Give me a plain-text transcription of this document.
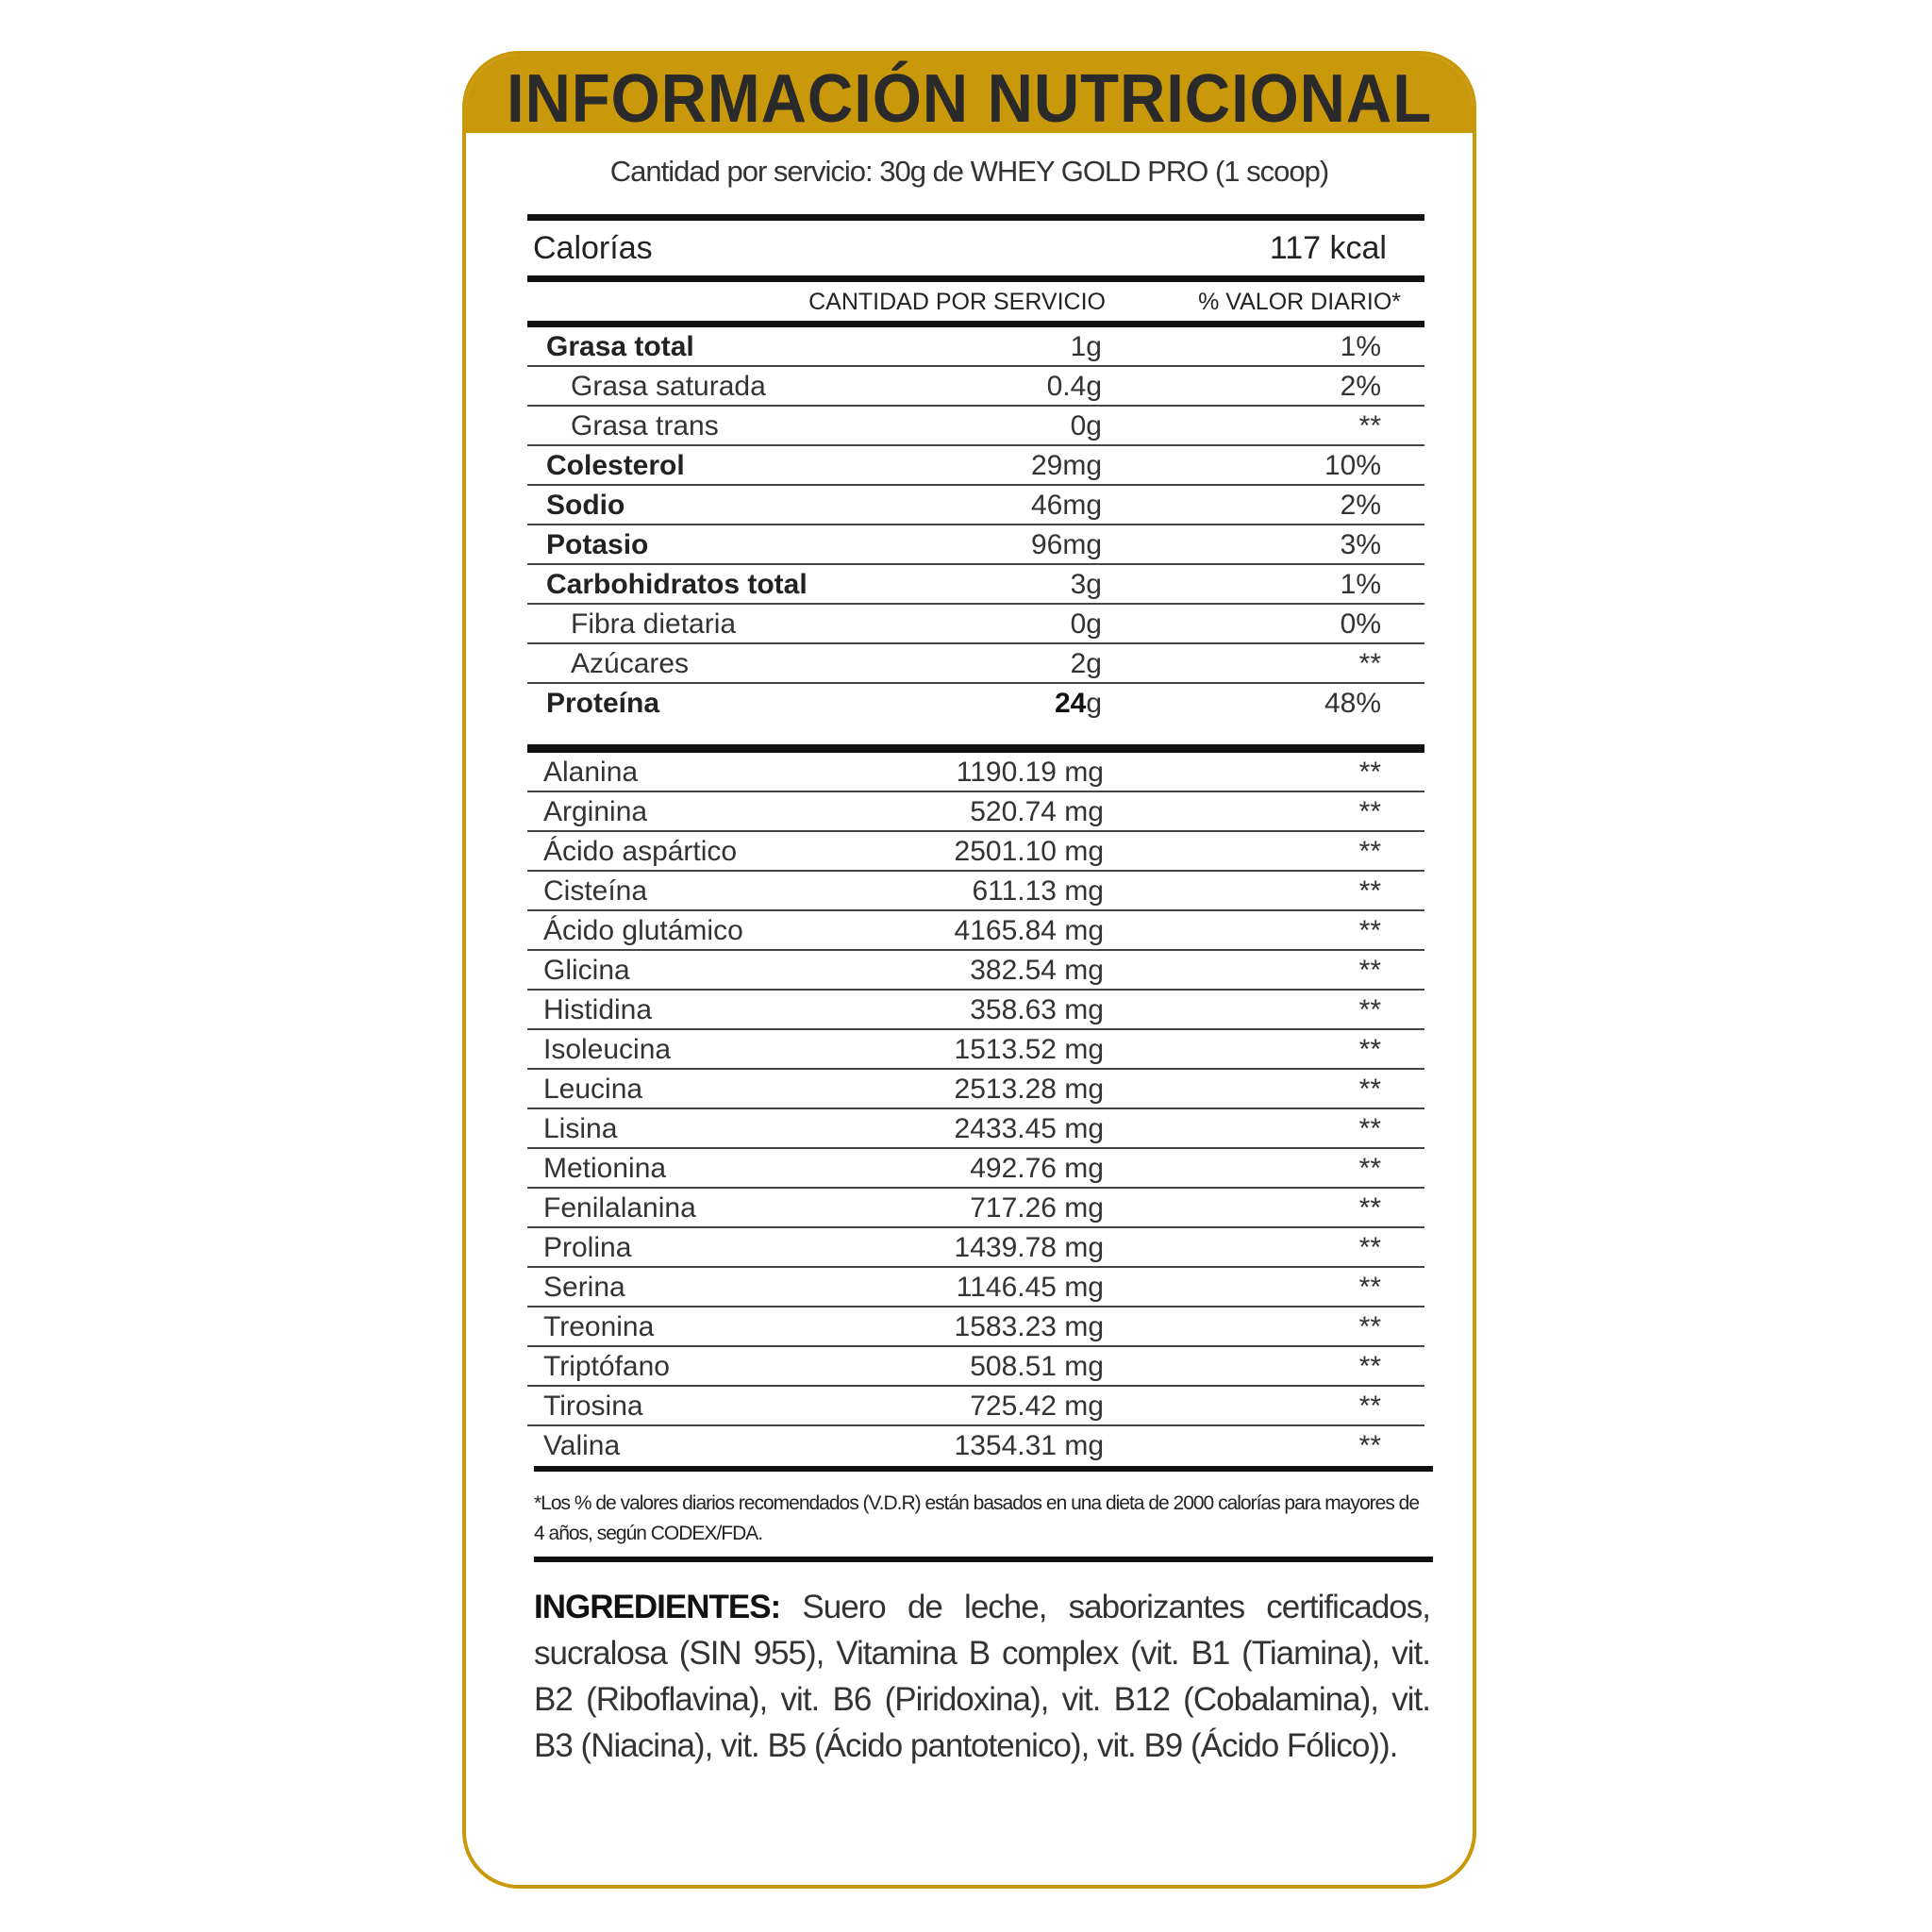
INFORMACIÓN NUTRICIONAL
Cantidad por servicio: 30g de WHEY GOLD PRO (1 scoop)
Calorías	117 kcal
CANTIDAD POR SERVICIO	% VALOR DIARIO*
Grasa total	1g	1%
Grasa saturada	0.4g	2%
Grasa trans	0g	**
Colesterol	29mg	10%
Sodio	46mg	2%
Potasio	96mg	3%
Carbohidratos total	3g	1%
Fibra dietaria	0g	0%
Azúcares	2g	**
Proteína	24g	48%
Alanina	1190.19 mg	**
Arginina	520.74 mg	**
Ácido aspártico	2501.10 mg	**
Cisteína	611.13 mg	**
Ácido glutámico	4165.84 mg	**
Glicina	382.54 mg	**
Histidina	358.63 mg	**
Isoleucina	1513.52 mg	**
Leucina	2513.28 mg	**
Lisina	2433.45 mg	**
Metionina	492.76 mg	**
Fenilalanina	717.26 mg	**
Prolina	1439.78 mg	**
Serina	1146.45 mg	**
Treonina	1583.23 mg	**
Triptófano	508.51 mg	**
Tirosina	725.42 mg	**
Valina	1354.31 mg	**
*Los % de valores diarios recomendados (V.D.R) están basados en una dieta de 2000 calorías para mayores de 4 años, según CODEX/FDA.
INGREDIENTES: Suero de leche, saborizantes certificados, sucralosa (SIN 955), Vitamina B complex (vit. B1 (Tiamina), vit. B2 (Riboflavina), vit. B6 (Piridoxina), vit. B12 (Cobalamina), vit. B3 (Niacina), vit. B5 (Ácido pantotenico), vit. B9 (Ácido Fólico)).
